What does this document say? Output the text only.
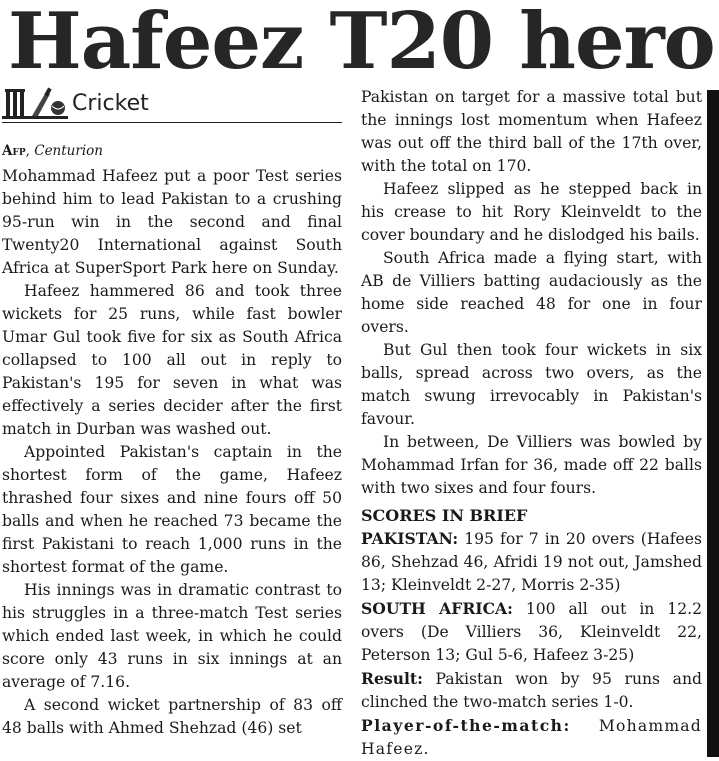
Hafeez T20 hero
Cricket
Afp, Centurion

Mohammad Hafeez put a poor Test series behind him to lead Pakistan to a crushing 95-run win in the second and final Twenty20 International against South Africa at SuperSport Park here on Sunday.

Hafeez hammered 86 and took three wickets for 25 runs, while fast bowler Umar Gul took five for six as South Africa collapsed to 100 all out in reply to Pakistan's 195 for seven in what was effectively a series decider after the first match in Durban was washed out.

Appointed Pakistan's captain in the shortest form of the game, Hafeez thrashed four sixes and nine fours off 50 balls and when he reached 73 became the first Pakistani to reach 1,000 runs in the shortest format of the game.

His innings was in dramatic contrast to his struggles in a three-match Test series which ended last week, in which he could score only 43 runs in six innings at an average of 7.16.

A second wicket partnership of 83 off 48 balls with Ahmed Shehzad (46) set

Pakistan on target for a massive total but the innings lost momentum when Hafeez was out off the third ball of the 17th over, with the total on 170.

Hafeez slipped as he stepped back in his crease to hit Rory Kleinveldt to the cover boundary and he dislodged his bails.

South Africa made a flying start, with AB de Villiers batting audaciously as the home side reached 48 for one in four overs.

But Gul then took four wickets in six balls, spread across two overs, as the match swung irrevocably in Pakistan's favour.

In between, De Villiers was bowled by Mohammad Irfan for 36, made off 22 balls with two sixes and four fours.

SCORES IN BRIEF

PAKISTAN: 195 for 7 in 20 overs (Hafees 86, Shehzad 46, Afridi 19 not out, Jamshed 13; Kleinveldt 2-27, Morris 2-35)

SOUTH AFRICA: 100 all out in 12.2 overs (De Villiers 36, Kleinveldt 22, Peterson 13; Gul 5-6, Hafeez 3-25)

Result: Pakistan won by 95 runs and clinched the two-match series 1-0.

Player-of-the-match: Mohammad Hafeez.
